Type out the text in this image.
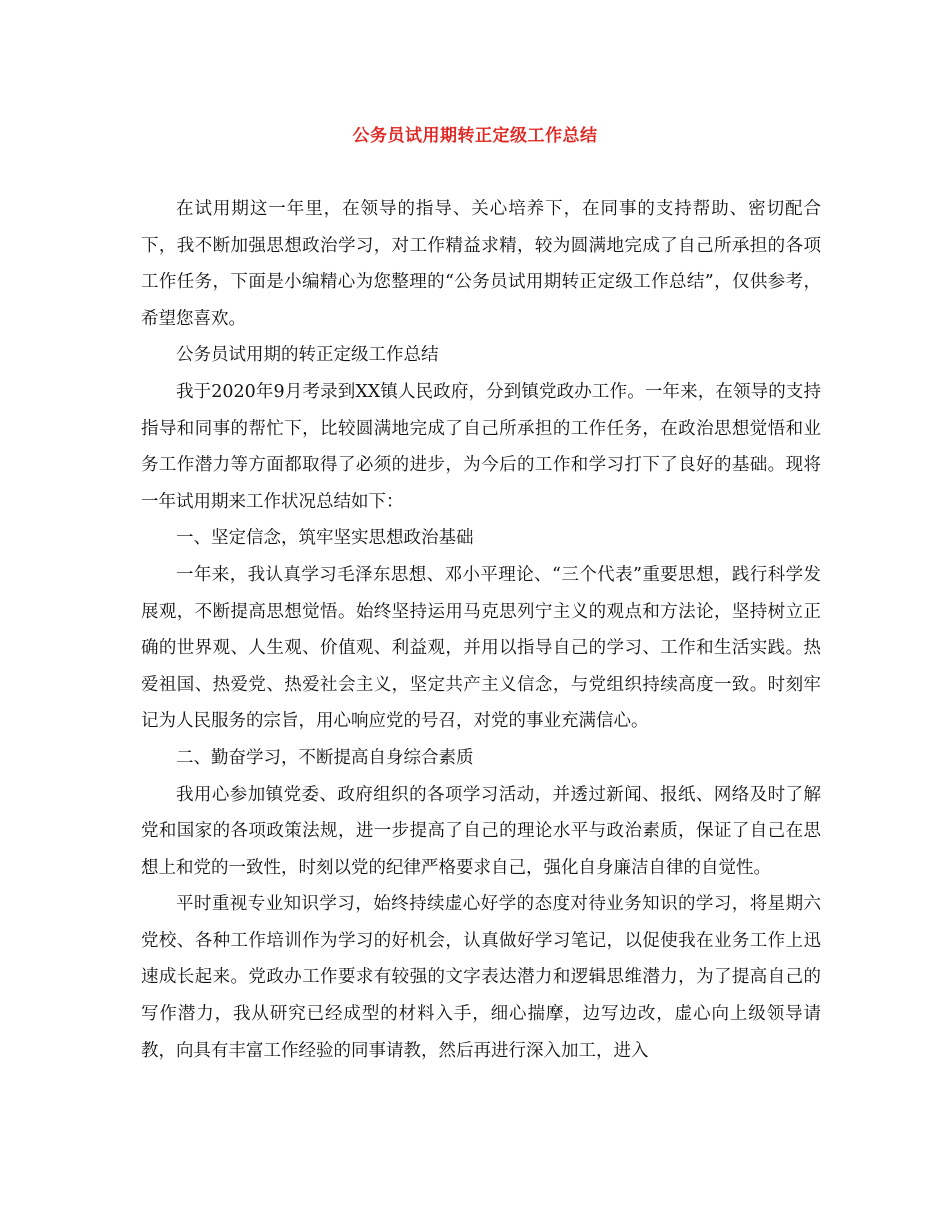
公务员试用期转正定级工作总结

在试用期这一年里，在领导的指导、关心培养下，在同事的支持帮助、密切配合下，我不断加强思想政治学习，对工作精益求精，较为圆满地完成了自己所承担的各项工作任务，下面是小编精心为您整理的“公务员试用期转正定级工作总结”，仅供参考，希望您喜欢。

公务员试用期的转正定级工作总结

我于2020年9月考录到XX镇人民政府，分到镇党政办工作。一年来，在领导的支持指导和同事的帮忙下，比较圆满地完成了自己所承担的工作任务，在政治思想觉悟和业务工作潜力等方面都取得了必须的进步，为今后的工作和学习打下了良好的基础。现将一年试用期来工作状况总结如下：

一、坚定信念，筑牢坚实思想政治基础

一年来，我认真学习毛泽东思想、邓小平理论、“三个代表”重要思想，践行科学发展观，不断提高思想觉悟。始终坚持运用马克思列宁主义的观点和方法论，坚持树立正确的世界观、人生观、价值观、利益观，并用以指导自己的学习、工作和生活实践。热爱祖国、热爱党、热爱社会主义，坚定共产主义信念，与党组织持续高度一致。时刻牢记为人民服务的宗旨，用心响应党的号召，对党的事业充满信心。

二、勤奋学习，不断提高自身综合素质

我用心参加镇党委、政府组织的各项学习活动，并透过新闻、报纸、网络及时了解党和国家的各项政策法规，进一步提高了自己的理论水平与政治素质，保证了自己在思想上和党的一致性，时刻以党的纪律严格要求自己，强化自身廉洁自律的自觉性。

平时重视专业知识学习，始终持续虚心好学的态度对待业务知识的学习，将星期六党校、各种工作培训作为学习的好机会，认真做好学习笔记，以促使我在业务工作上迅速成长起来。党政办工作要求有较强的文字表达潜力和逻辑思维潜力，为了提高自己的写作潜力，我从研究已经成型的材料入手，细心揣摩，边写边改，虚心向上级领导请教，向具有丰富工作经验的同事请教，然后再进行深入加工，进入
